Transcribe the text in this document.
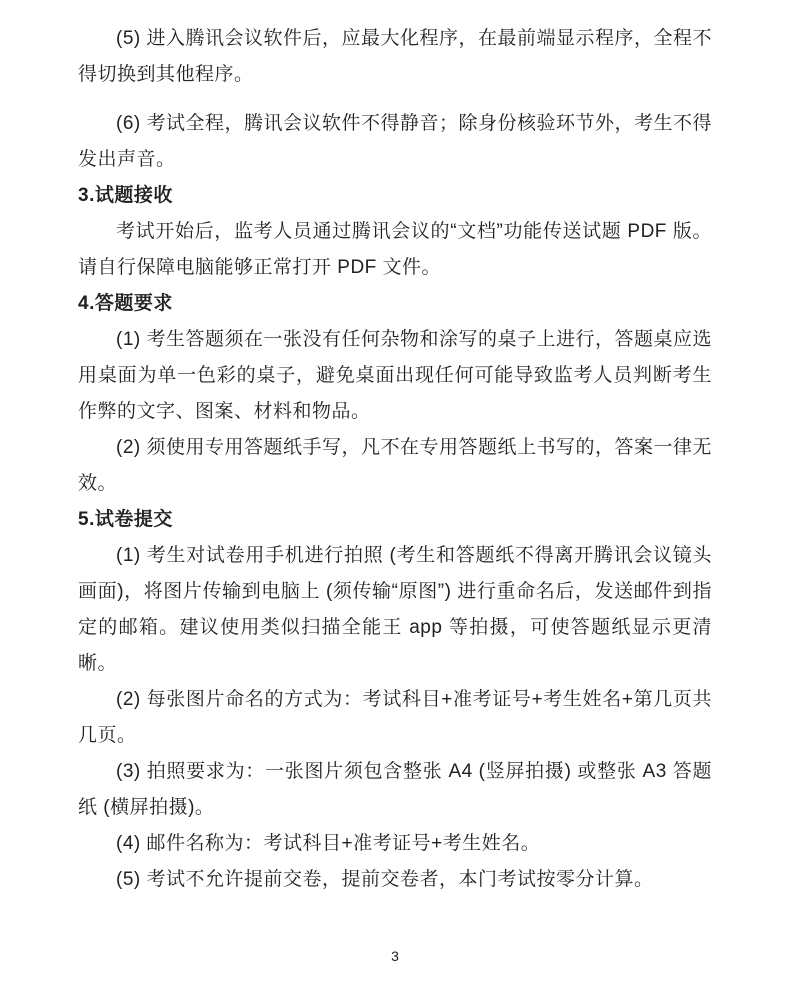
(5) 进入腾讯会议软件后，应最大化程序，在最前端显示程序，全程不得切换到其他程序。

(6) 考试全程，腾讯会议软件不得静音；除身份核验环节外，考生不得发出声音。

3.试题接收

考试开始后，监考人员通过腾讯会议的“文档”功能传送试题 PDF 版。请自行保障电脑能够正常打开 PDF 文件。

4.答题要求

(1) 考生答题须在一张没有任何杂物和涂写的桌子上进行，答题桌应选用桌面为单一色彩的桌子，避免桌面出现任何可能导致监考人员判断考生作弊的文字、图案、材料和物品。

(2) 须使用专用答题纸手写，凡不在专用答题纸上书写的，答案一律无效。

5.试卷提交

(1) 考生对试卷用手机进行拍照 (考生和答题纸不得离开腾讯会议镜头画面)，将图片传输到电脑上 (须传输“原图”) 进行重命名后，发送邮件到指定的邮箱。建议使用类似扫描全能王 app 等拍摄，可使答题纸显示更清晰。

(2) 每张图片命名的方式为：考试科目+准考证号+考生姓名+第几页共几页。

(3) 拍照要求为：一张图片须包含整张 A4 (竖屏拍摄) 或整张 A3 答题纸 (横屏拍摄)。

(4) 邮件名称为：考试科目+准考证号+考生姓名。

(5) 考试不允许提前交卷，提前交卷者，本门考试按零分计算。

3
